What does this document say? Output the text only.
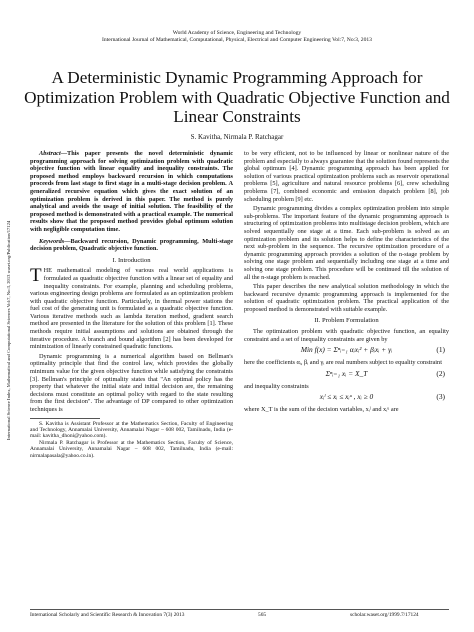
World Academy of Science, Engineering and Technology
International Journal of Mathematical, Computational, Physical, Electrical and Computer Engineering Vol:7, No:3, 2013
A Deterministic Dynamic Programming Approach for Optimization Problem with Quadratic Objective Function and Linear Constraints
S. Kavitha, Nirmala P. Ratchagar
International Science Index, Mathematical and Computational Sciences Vol:7, No:3, 2013 waset.org/Publication/17124

Abstract—This paper presents the novel deterministic dynamic programming approach for solving optimization problem with quadratic objective function with linear equality and inequality constraints. The proposed method employs backward recursion in which computations proceeds from last stage to first stage in a multi-stage decision problem. A generalized recursive equation which gives the exact solution of an optimization problem is derived in this paper. The method is purely analytical and avoids the usage of initial solution. The feasibility of the proposed method is demonstrated with a practical example. The numerical results show that the proposed method provides global optimum solution with negligible computation time.

Keywords—Backward recursion, Dynamic programming, Multi-stage decision problem, Quadratic objective function.

I. Introduction

THE mathematical modeling of various real world applications is formulated as quadratic objective function with a linear set of equality and inequality constraints. For example, planning and scheduling problems, various engineering design problems are formulated as an optimization problem with quadratic objective function. Particularly, in thermal power stations the fuel cost of the generating unit is formulated as a quadratic objective function. Various iterative methods such as lambda iteration method, gradient search method are presented in the literature for the solution of this problem [1]. These methods require initial assumptions and solutions are obtained through the iterative procedure. A branch and bound algorithm [2] has been developed for minimization of linearly constrained quadratic functions.

Dynamic programming is a numerical algorithm based on Bellman's optimality principle that find the control law, which provides the globally minimum value for the given objective function while satisfying the constraints [3]. Bellman's principle of optimality states that "An optimal policy has the property that whatever the initial state and initial decision are, the remaining decisions must constitute an optimal policy with regard to the state resulting from the first decision". The advantage of DP compared to other optimization techniques is

S. Kavitha is Assistant Professor at the Mathematics Section, Faculty of Engineering and Technology, Annamalai University, Annamalai Nagar – 608 002, Tamilnadu, India (e-mail: kavitha_dhoni@yahoo.com).

Nirmala P. Ratchagar is Professor at the Mathematics Section, Faculty of Science, Annamalai University, Annamalai Nagar – 608 002, Tamilnadu, India (e-mail: nirmalapasala@yahoo.co.in).

to be very efficient, not to be influenced by linear or nonlinear nature of the problem and especially to always guarantee that the solution found represents the global optimum [4]. Dynamic programming approach has been applied for solution of various practical optimization problems such as reservoir operational problems [5], agriculture and natural resource problems [6], crew scheduling problems [7], combined economic and emission dispatch problem [8], job scheduling problem [9] etc.

Dynamic programming divides a complex optimization problem into simple sub-problems. The important feature of the dynamic programming approach is structuring of optimization problems into multistage decision problem, which are solved sequentially one stage at a time. Each sub-problem is solved as an optimization problem and its solution helps to define the characteristics of the next sub-problem in the sequence. The recursive optimization procedure of a dynamic programming approach provides a solution of the n-stage problem by solving one stage problem and sequentially including one stage at a time and solving one stage problem. This procedure will be continued till the solution of all the n-stage problem is reached.

This paper describes the new analytical solution methodology in which the backward recursive dynamic programming approach is implemented for the solution of quadratic optimization problem. The practical application of the proposed method is demonstrated with suitable example.

II. Problem Formulation

The optimization problem with quadratic objective function, an equality constraint and a set of inequality constraints are given by

Min f(x) = Σⁿᵢ₌₁ αᵢxᵢ² + βᵢxᵢ + γᵢ	(1)

here the coefficients αᵢ, βᵢ and γᵢ are real numbers subject to equality constraint

Σⁿᵢ₌₁ xᵢ = X_T	(2)

and inequality constraints

xᵢˡ ≤ xᵢ ≤ xᵢᵘ , xᵢ ≥ 0	(3)

where X_T is the sum of the decision variables, xᵢˡ and xᵢᵘ are

International Scholarly and Scientific Research & Innovation 7(3) 2013	565	scholar.waset.org/1999.7/17124
